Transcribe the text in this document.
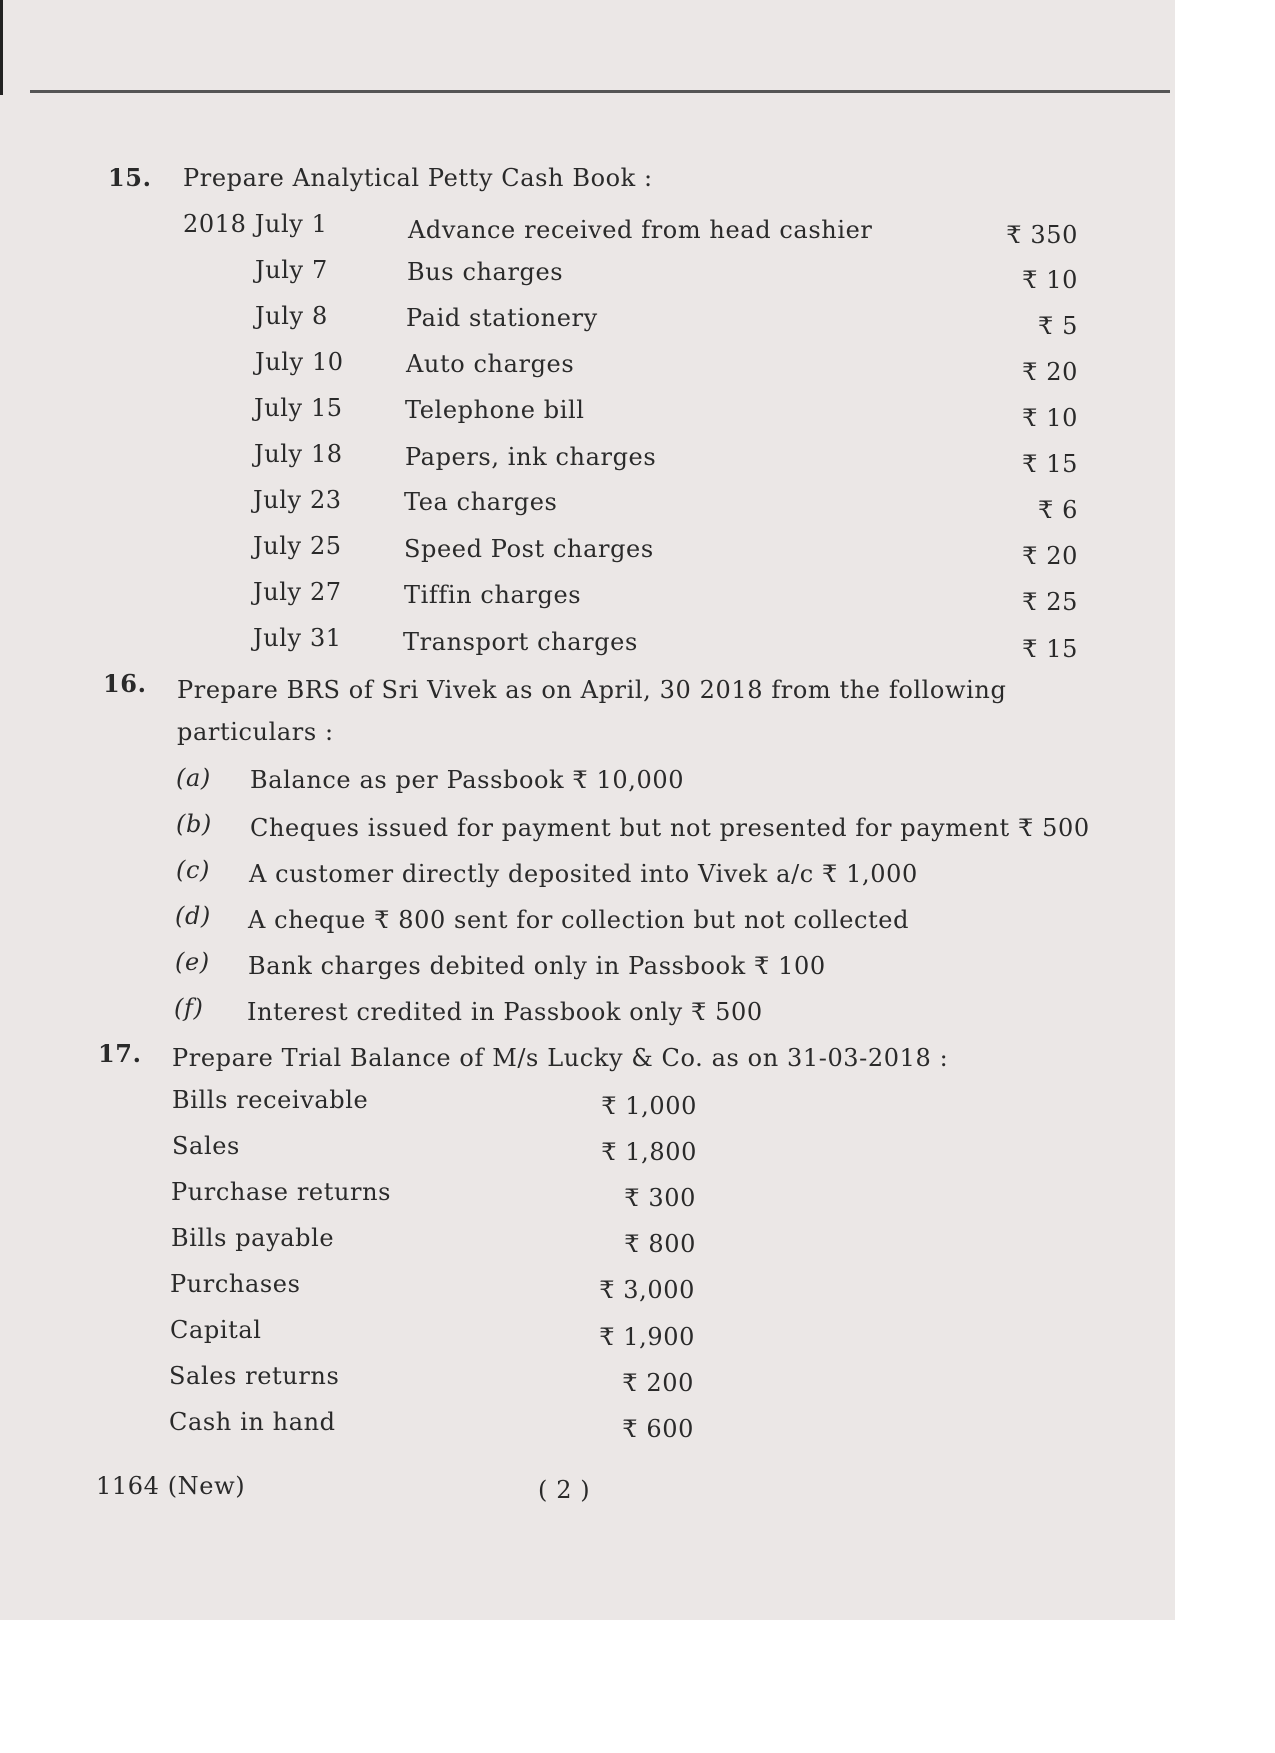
15. Prepare Analytical Petty Cash Book :
2018 July 1	Advance received from head cashier	₹ 350
July 7	Bus charges	₹ 10
July 8	Paid stationery	₹ 5
July 10	Auto charges	₹ 20
July 15	Telephone bill	₹ 10
July 18	Papers, ink charges	₹ 15
July 23	Tea charges	₹ 6
July 25	Speed Post charges	₹ 20
July 27	Tiffin charges	₹ 25
July 31	Transport charges	₹ 15
16. Prepare BRS of Sri Vivek as on April, 30 2018 from the following
particulars :
(a) Balance as per Passbook ₹ 10,000
(b) Cheques issued for payment but not presented for payment ₹ 500
(c) A customer directly deposited into Vivek a/c ₹ 1,000
(d) A cheque ₹ 800 sent for collection but not collected
(e) Bank charges debited only in Passbook ₹ 100
(f) Interest credited in Passbook only ₹ 500
17. Prepare Trial Balance of M/s Lucky & Co. as on 31-03-2018 :
Bills receivable	₹ 1,000
Sales	₹ 1,800
Purchase returns	₹ 300
Bills payable	₹ 800
Purchases	₹ 3,000
Capital	₹ 1,900
Sales returns	₹ 200
Cash in hand	₹ 600
1164 (New)	( 2 )
